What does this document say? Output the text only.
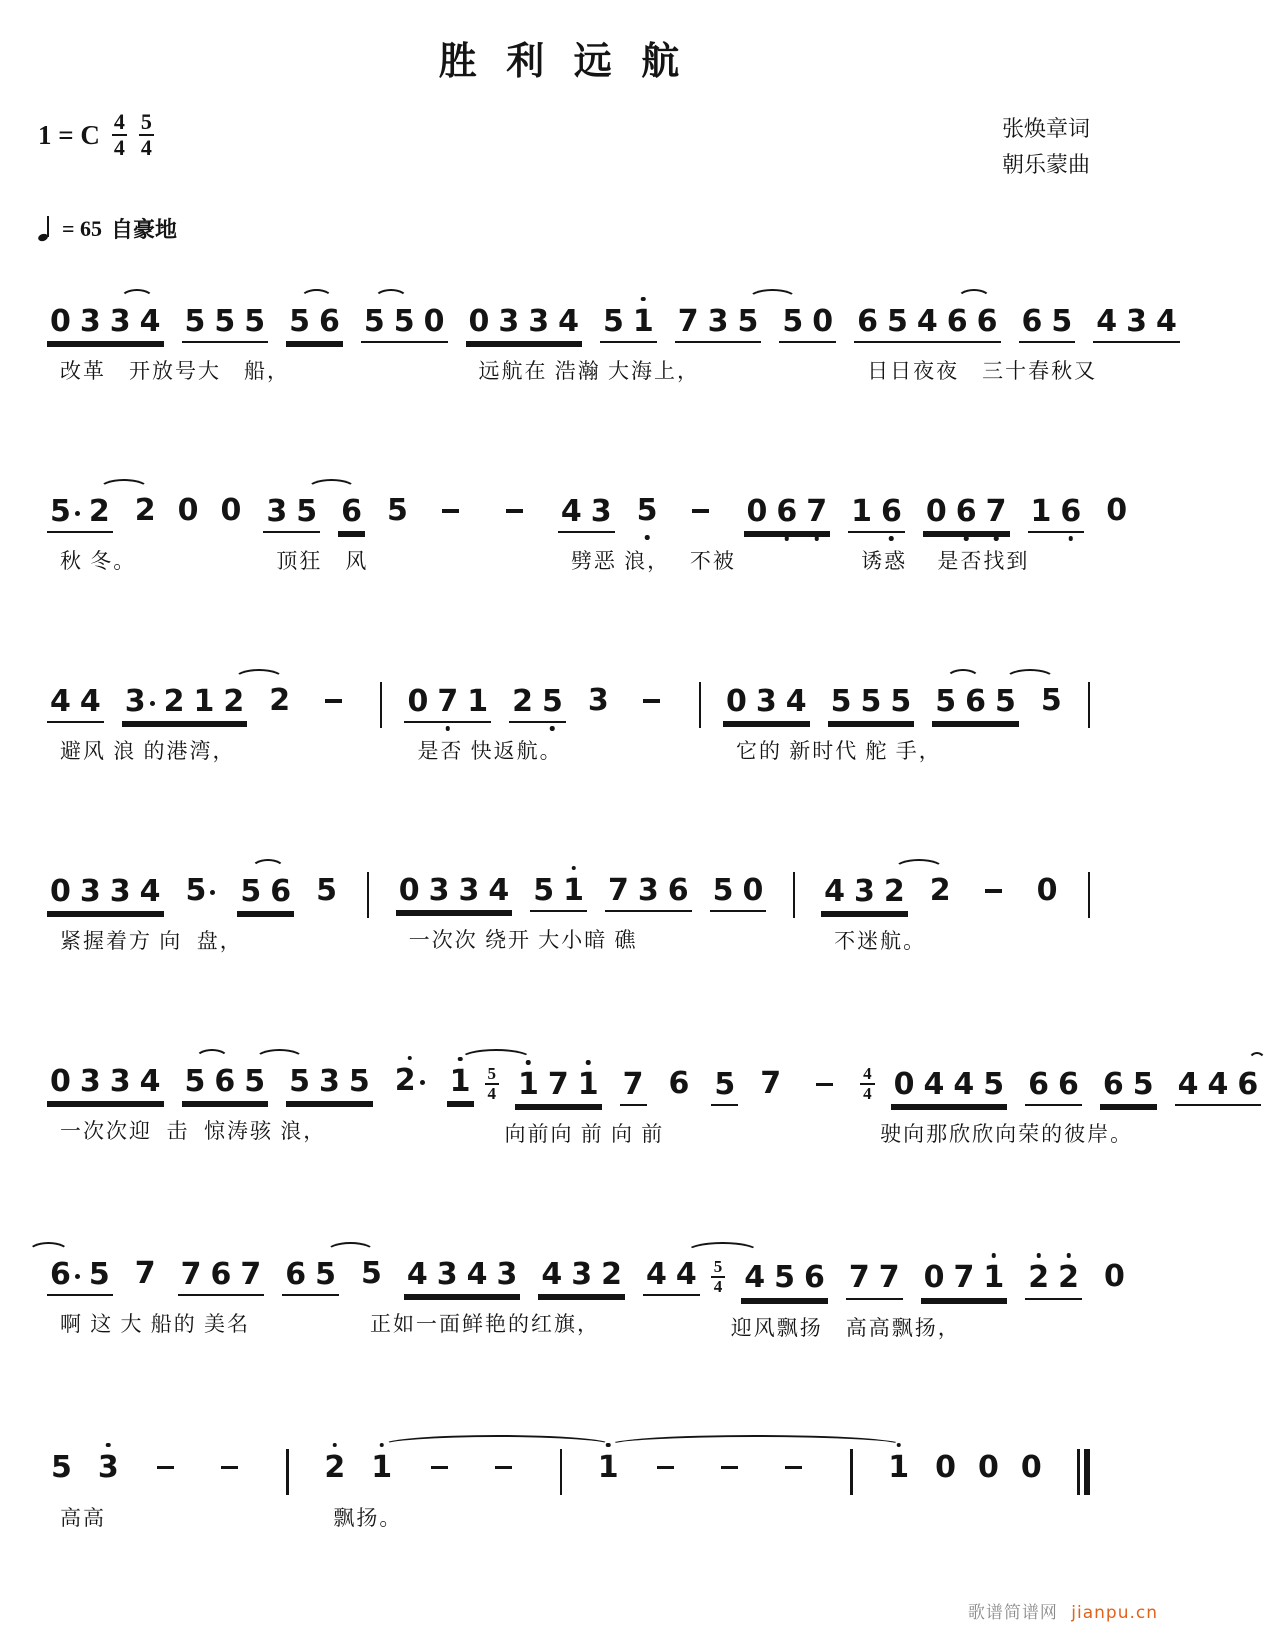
胜 利 远 航
1 = C $\frac{4}{4} \frac{5}{4}$	张焕章词
朝乐蒙曲
= 65 自豪地
0 3 3 4 5 5 5 5 6 5 5 0
改革　开放号大　船，
0 3 3 4 5 1 7 3 5 5 0
远航在 浩瀚 大海上，
6 5 4 6 6 6 5 4 3 4
日日夜夜　三十春秋又
5 2 2 0 0
秋 冬。
3 5 6 5
顶狂　风
4 3 5	0 6 7
劈恶 浪，　 不被
1 6 0 6 7 1 6 0
诱惑　 是否找到
4 4 3 2 1 2 2
避风 浪 的港湾，
0 7 1 2 5 3
是否 快返航。
0 3 4 5 5 5 5 6 5 5
它的 新时代 舵 手，
0 3 3 4 5 5 6 5
紧握着方 向  盘，
0 3 3 4 5 1 7 3 6 5 0
一次次 绕开 大小暗 礁
4 3 2 2	0
不迷航。
0 3 3 4 5 6 5 5 3 5 2 1
一次次迎  击  惊涛骇 浪，
$\frac{5}{4} 1$ 7 1 7 6 5 7
向前向 前 向 前
$\frac{4}{4} 0$ 4 4 5 6 6 6 5 4 4 6
驶向那欣欣向荣的彼岸。
6 5 7 7 6 7 6 5
啊 这 大 船的 美名
5 4 3 4 3 4 3 2 4 4
正如一面鲜艳的红旗，
$\frac{5}{4} 4$ 5 6 7 7 0 7 1 2 2 0
迎风飘扬　高高飘扬，
5 3
高高
2 1
飘扬。
1	1 0 0 0
歌谱简谱网 jianpu.cn
